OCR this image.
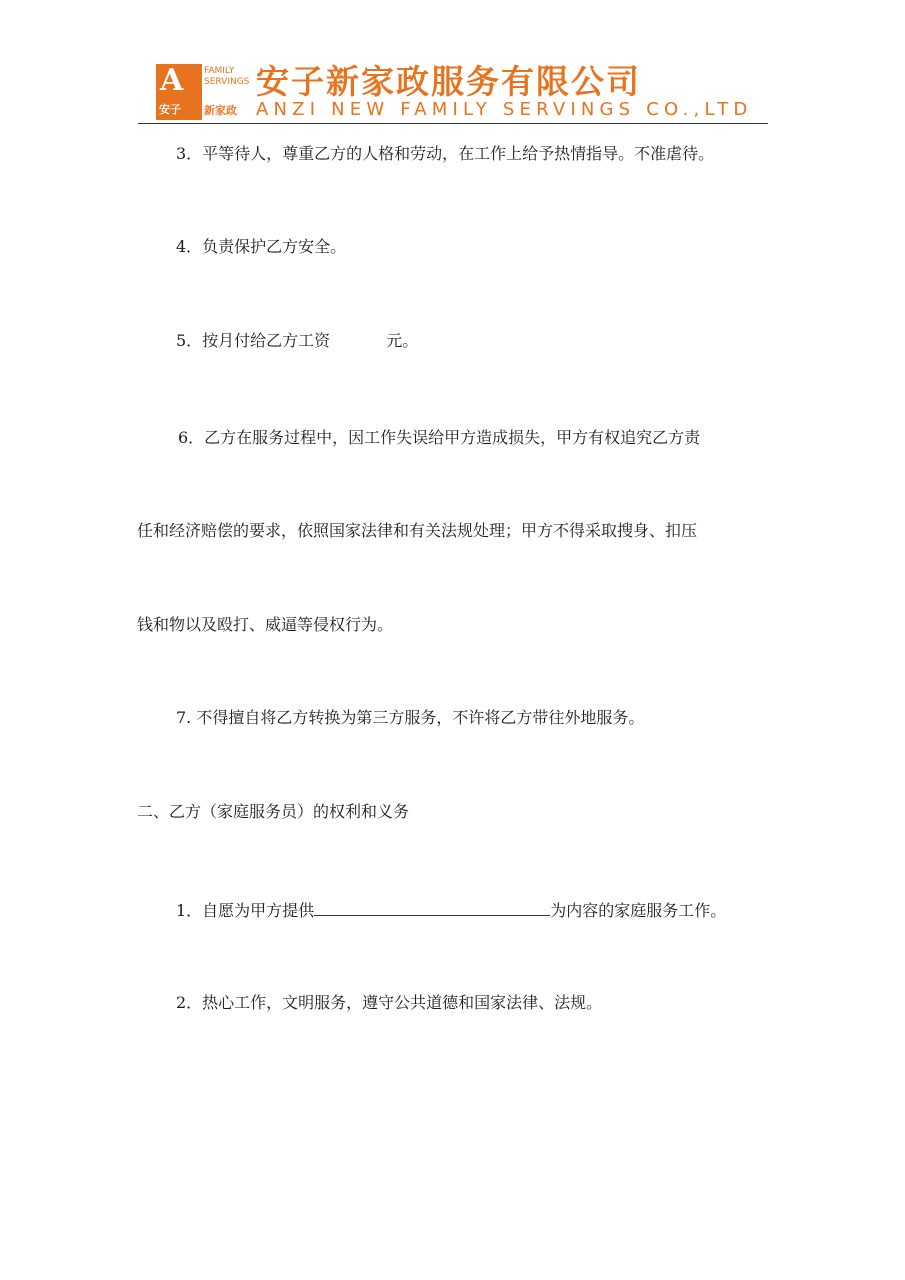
A
安子
FAMILY
SERVINGS
新家政
安子新家政服务有限公司
ANZI NEW FAMILY SERVINGS CO.,LTD
3．平等待人，尊重乙方的人格和劳动，在工作上给予热情指导。不准虐待。
4．负责保护乙方安全。
5．按月付给乙方工资	元。
6．乙方在服务过程中，因工作失误给甲方造成损失，甲方有权追究乙方责
任和经济赔偿的要求，依照国家法律和有关法规处理；甲方不得采取搜身、扣压
钱和物以及殴打、威逼等侵权行为。
7. 不得擅自将乙方转换为第三方服务，不许将乙方带往外地服务。
二、乙方（家庭服务员）的权利和义务
1．自愿为甲方提供	为内容的家庭服务工作。
2．热心工作，文明服务，遵守公共道德和国家法律、法规。
